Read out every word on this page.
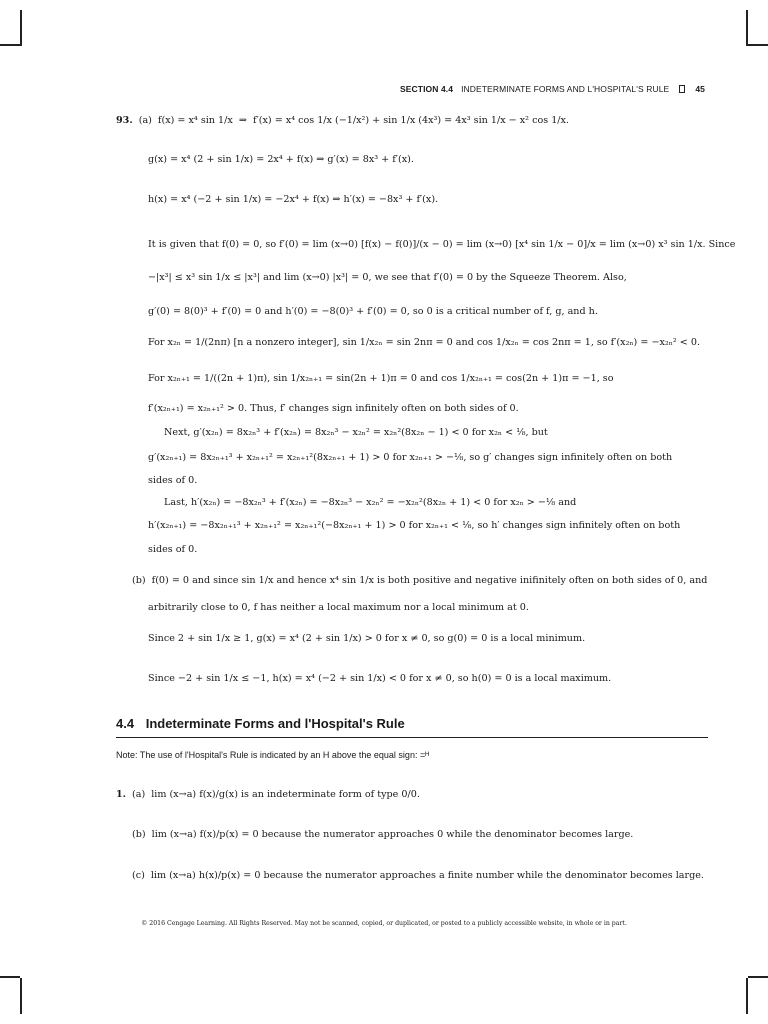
SECTION 4.4 INDETERMINATE FORMS AND L'HOSPITAL'S RULE	45
93. (a) f(x) = x⁴ sin 1/x  ⇒  f′(x) = x⁴ cos 1/x (−1/x²) + sin 1/x (4x³) = 4x³ sin 1/x − x² cos 1/x.
g(x) = x⁴ (2 + sin 1/x) = 2x⁴ + f(x) ⇒ g′(x) = 8x³ + f′(x).
h(x) = x⁴ (−2 + sin 1/x) = −2x⁴ + f(x) ⇒ h′(x) = −8x³ + f′(x).
It is given that f(0) = 0, so f′(0) = lim (x→0) [f(x) − f(0)]/(x − 0) = lim (x→0) [x⁴ sin 1/x − 0]/x = lim (x→0) x³ sin 1/x. Since
−|x³| ≤ x³ sin 1/x ≤ |x³| and lim (x→0) |x³| = 0, we see that f′(0) = 0 by the Squeeze Theorem. Also,
g′(0) = 8(0)³ + f′(0) = 0 and h′(0) = −8(0)³ + f′(0) = 0, so 0 is a critical number of f, g, and h.
For x₂ₙ = 1/(2nπ) [n a nonzero integer], sin 1/x₂ₙ = sin 2nπ = 0 and cos 1/x₂ₙ = cos 2nπ = 1, so f′(x₂ₙ) = −x₂ₙ² < 0.
For x₂ₙ₊₁ = 1/((2n + 1)π), sin 1/x₂ₙ₊₁ = sin(2n + 1)π = 0 and cos 1/x₂ₙ₊₁ = cos(2n + 1)π = −1, so
f′(x₂ₙ₊₁) = x₂ₙ₊₁² > 0. Thus, f′ changes sign infinitely often on both sides of 0.
Next, g′(x₂ₙ) = 8x₂ₙ³ + f′(x₂ₙ) = 8x₂ₙ³ − x₂ₙ² = x₂ₙ²(8x₂ₙ − 1) < 0 for x₂ₙ < ⅛, but
g′(x₂ₙ₊₁) = 8x₂ₙ₊₁³ + x₂ₙ₊₁² = x₂ₙ₊₁²(8x₂ₙ₊₁ + 1) > 0 for x₂ₙ₊₁ > −⅛, so g′ changes sign infinitely often on both
sides of 0.
Last, h′(x₂ₙ) = −8x₂ₙ³ + f′(x₂ₙ) = −8x₂ₙ³ − x₂ₙ² = −x₂ₙ²(8x₂ₙ + 1) < 0 for x₂ₙ > −⅛ and
h′(x₂ₙ₊₁) = −8x₂ₙ₊₁³ + x₂ₙ₊₁² = x₂ₙ₊₁²(−8x₂ₙ₊₁ + 1) > 0 for x₂ₙ₊₁ < ⅛, so h′ changes sign infinitely often on both
sides of 0.
(b) f(0) = 0 and since sin 1/x and hence x⁴ sin 1/x is both positive and negative inifinitely often on both sides of 0, and
arbitrarily close to 0, f has neither a local maximum nor a local minimum at 0.
Since 2 + sin 1/x ≥ 1, g(x) = x⁴ (2 + sin 1/x) > 0 for x ≠ 0, so g(0) = 0 is a local minimum.
Since −2 + sin 1/x ≤ −1, h(x) = x⁴ (−2 + sin 1/x) < 0 for x ≠ 0, so h(0) = 0 is a local maximum.
4.4 Indeterminate Forms and l'Hospital's Rule
Note: The use of l'Hospital's Rule is indicated by an H above the equal sign: =ᴴ
1. (a) lim (x→a) f(x)/g(x) is an indeterminate form of type 0/0.
(b) lim (x→a) f(x)/p(x) = 0 because the numerator approaches 0 while the denominator becomes large.
(c) lim (x→a) h(x)/p(x) = 0 because the numerator approaches a finite number while the denominator becomes large.
© 2016 Cengage Learning. All Rights Reserved. May not be scanned, copied, or duplicated, or posted to a publicly accessible website, in whole or in part.
